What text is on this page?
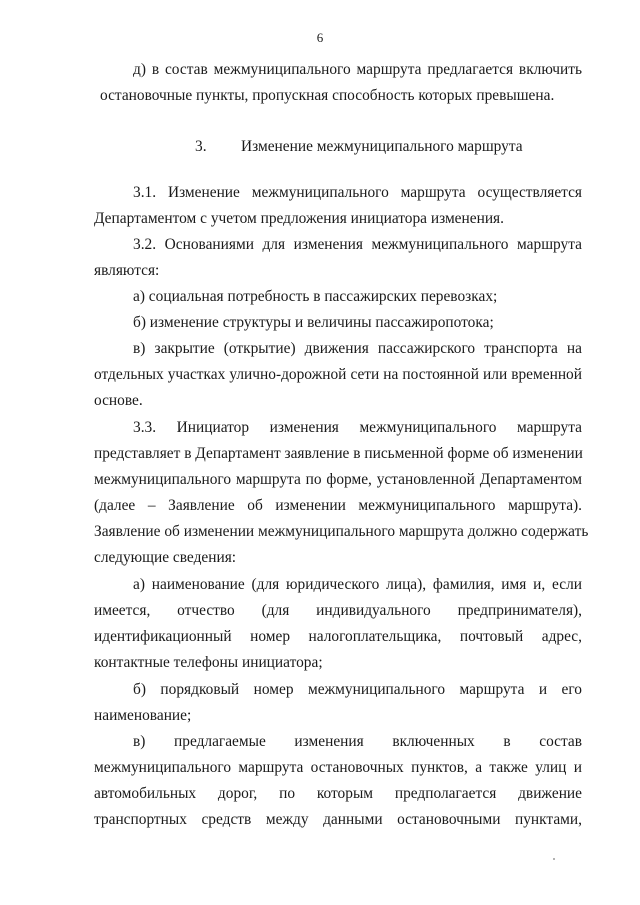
6
д) в состав межмуниципального маршрута предлагается включить
остановочные пункты, пропускная способность которых превышена.
3. Изменение межмуниципального маршрута
3.1. Изменение межмуниципального маршрута осуществляется
Департаментом с учетом предложения инициатора изменения.
3.2. Основаниями для изменения межмуниципального маршрута
являются:
а) социальная потребность в пассажирских перевозках;
б) изменение структуры и величины пассажиропотока;
в) закрытие (открытие) движения пассажирского транспорта на
отдельных участках улично-дорожной сети на постоянной или временной
основе.
3.3. Инициатор изменения межмуниципального маршрута
представляет в Департамент заявление в письменной форме об изменении
межмуниципального маршрута по форме, установленной Департаментом
(далее – Заявление об изменении межмуниципального маршрута).
Заявление об изменении межмуниципального маршрута должно содержать
следующие сведения:
а) наименование (для юридического лица), фамилия, имя и, если
имеется, отчество (для индивидуального предпринимателя),
идентификационный номер налогоплательщика, почтовый адрес,
контактные телефоны инициатора;
б) порядковый номер межмуниципального маршрута и его
наименование;
в) предлагаемые изменения включенных в состав
межмуниципального маршрута остановочных пунктов, а также улиц и
автомобильных дорог, по которым предполагается движение
транспортных средств между данными остановочными пунктами,
